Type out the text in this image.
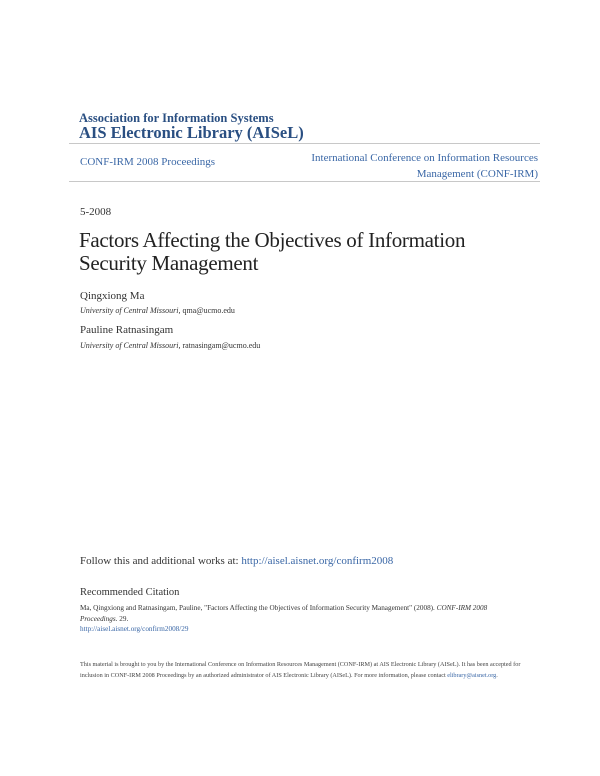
Association for Information Systems
AIS Electronic Library (AISeL)
CONF-IRM 2008 Proceedings	International Conference on Information Resources Management (CONF-IRM)
5-2008
Factors Affecting the Objectives of Information Security Management
Qingxiong Ma
University of Central Missouri, qma@ucmo.edu
Pauline Ratnasingam
University of Central Missouri, ratnasingam@ucmo.edu
Follow this and additional works at: http://aisel.aisnet.org/confirm2008
Recommended Citation
Ma, Qingxiong and Ratnasingam, Pauline, "Factors Affecting the Objectives of Information Security Management" (2008). CONF-IRM 2008 Proceedings. 29.
http://aisel.aisnet.org/confirm2008/29
This material is brought to you by the International Conference on Information Resources Management (CONF-IRM) at AIS Electronic Library (AISeL). It has been accepted for inclusion in CONF-IRM 2008 Proceedings by an authorized administrator of AIS Electronic Library (AISeL). For more information, please contact elibrary@aisnet.org.
